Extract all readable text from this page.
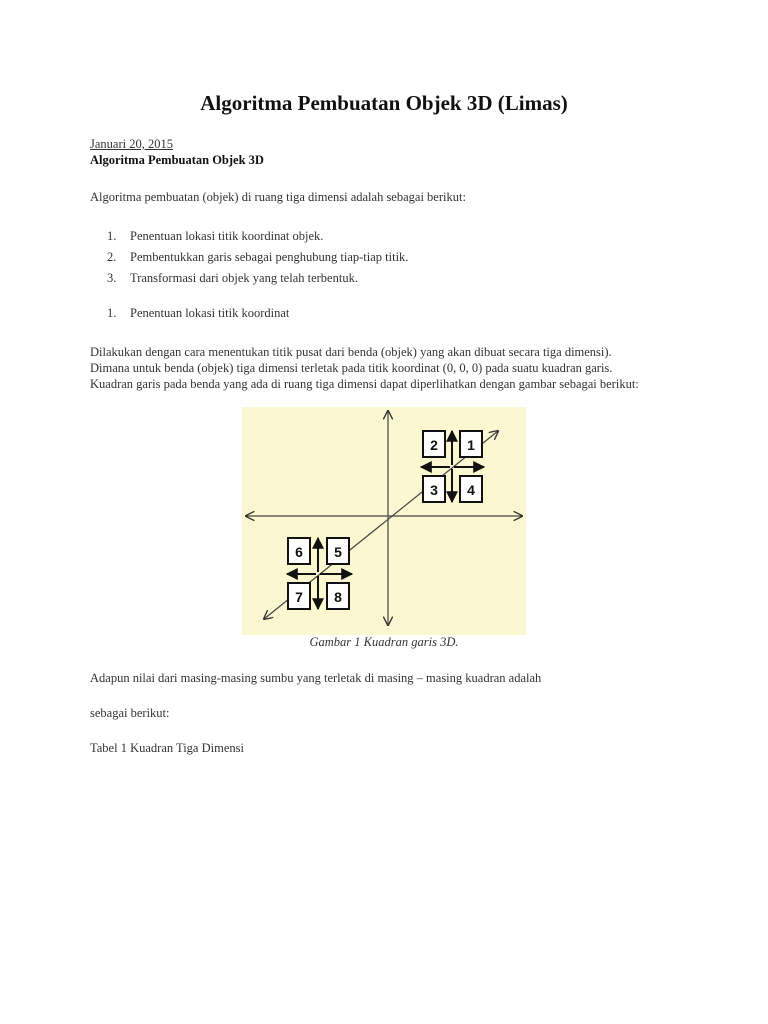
Algoritma Pembuatan Objek 3D (Limas)
Januari 20, 2015
Algoritma Pembuatan Objek 3D
Algoritma pembuatan (objek) di ruang tiga dimensi adalah sebagai berikut:
1. Penentuan lokasi titik koordinat objek.
2. Pembentukkan garis sebagai penghubung tiap-tiap titik.
3. Transformasi dari objek yang telah terbentuk.
1. Penentuan lokasi titik koordinat
Dilakukan dengan cara menentukan titik pusat dari benda (objek) yang akan dibuat secara tiga dimensi).
Dimana untuk benda (objek) tiga dimensi terletak pada titik koordinat (0, 0, 0) pada suatu kuadran garis.
Kuadran garis pada benda yang ada di ruang tiga dimensi dapat diperlihatkan dengan gambar sebagai berikut:
2 1
3 4
6 5
7 8
Gambar 1 Kuadran garis 3D.
Adapun nilai dari masing-masing sumbu yang terletak di masing – masing kuadran adalah
sebagai berikut:
Tabel 1 Kuadran Tiga Dimensi
